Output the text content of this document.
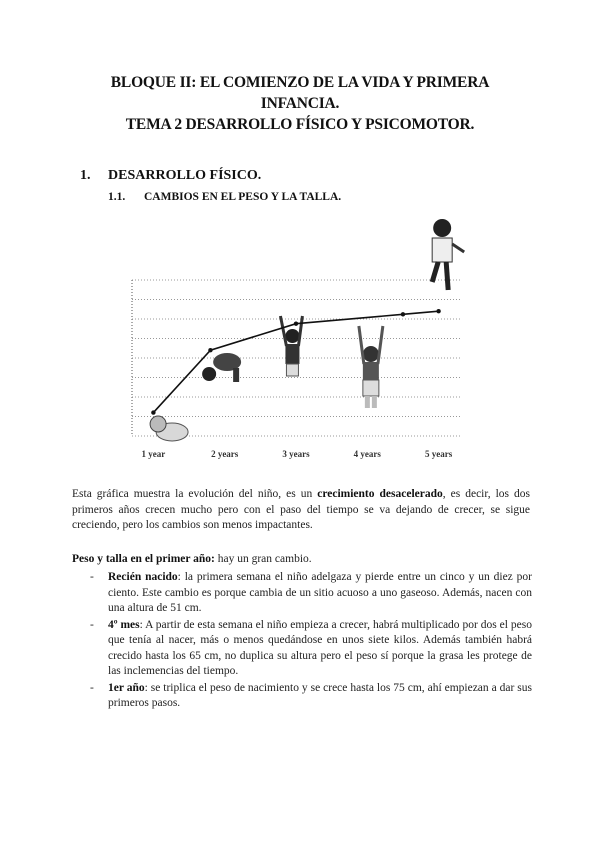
BLOQUE II: EL COMIENZO DE LA VIDA Y PRIMERA
INFANCIA.
TEMA 2 DESARROLLO FÍSICO Y PSICOMOTOR.
1. DESARROLLO FÍSICO.
1.1. CAMBIOS EN EL PESO Y LA TALLA.
1 year	2 years	3 years	4 years	5 years
Esta gráfica muestra la evolución del niño, es un crecimiento desacelerado, es decir, los dos primeros años crecen mucho pero con el paso del tiempo se va dejando de crecer, se sigue creciendo, pero los cambios son menos impactantes.
Peso y talla en el primer año: hay un gran cambio.
- Recién nacido: la primera semana el niño adelgaza y pierde entre un cinco y un diez por ciento. Este cambio es porque cambia de un sitio acuoso a uno gaseoso. Además, nacen con una altura de 51 cm.
- 4º mes: A partir de esta semana el niño empieza a crecer, habrá multiplicado por dos el peso que tenía al nacer, más o menos quedándose en unos siete kilos. Además también habrá crecido hasta los 65 cm, no duplica su altura pero el peso sí porque la grasa les protege de las inclemencias del tiempo.
- 1er año: se triplica el peso de nacimiento y se crece hasta los 75 cm, ahí empiezan a dar sus primeros pasos.
